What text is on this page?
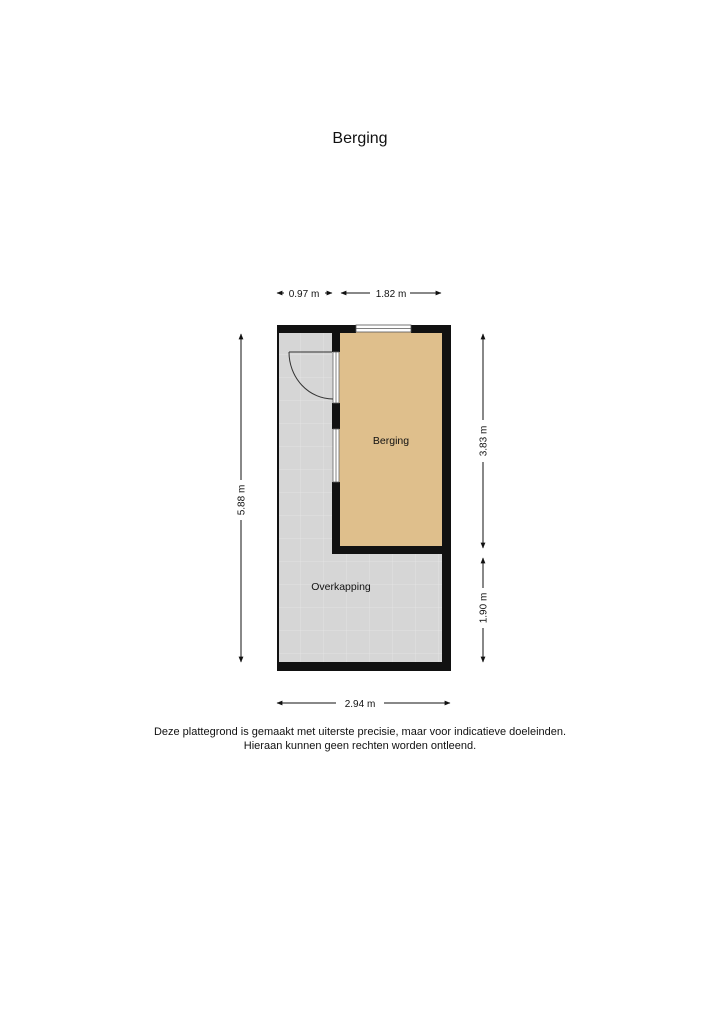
Berging
Berging
Overkapping
0.97 m	1.82 m
5.88 m
3.83 m
1.90 m
2.94 m
Deze plattegrond is gemaakt met uiterste precisie, maar voor indicatieve doeleinden.
Hieraan kunnen geen rechten worden ontleend.
